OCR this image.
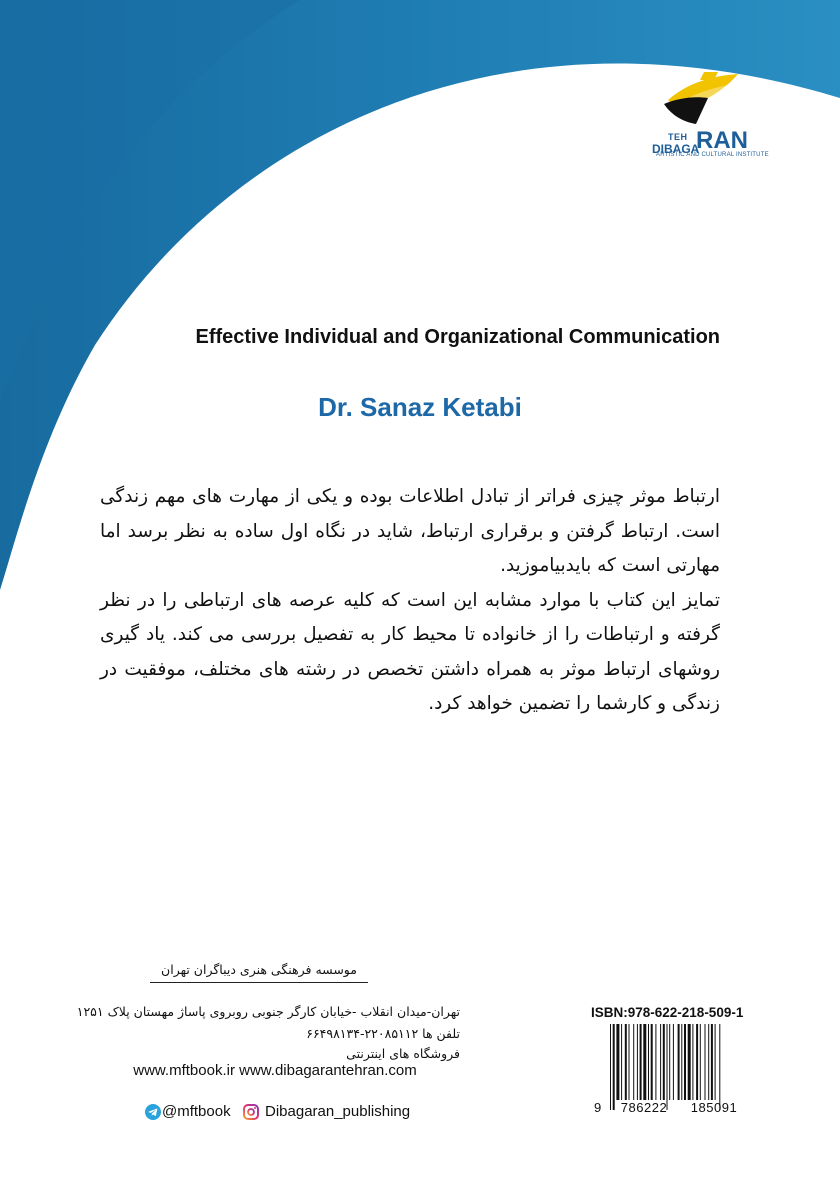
TEH
DIBAGA
RAN
ARTISTIC AND CULTURAL INSTITUTE
Effective Individual and Organizational Communication
Dr. Sanaz Ketabi

ارتباط موثر چیزی فراتر از تبادل اطلاعات بوده و یکی از مهارت های مهم زندگی است. ارتباط گرفتن و برقراری ارتباط، شاید در نگاه اول ساده به نظر برسد اما مهارتی است که بایدبیاموزید.

تمایز این کتاب با موارد مشابه این است که کلیه عرصه های ارتباطی را در نظر گرفته و ارتباطات را از خانواده تا محیط کار به تفصیل بررسی می کند. یاد گیری روشهای ارتباط موثر به همراه داشتن تخصص در رشته های مختلف، موفقیت در زندگی و کارشما را تضمین خواهد کرد.

موسسه فرهنگی هنری دیباگران تهران
تهران-میدان انقلاب -خیابان کارگر جنوبی روبروی پاساژ مهستان پلاک ۱۲۵۱
تلفن ها ۲۲۰۸۵۱۱۲-۶۶۴۹۸۱۳۴
فروشگاه های اینترنتی
www.mftbook.ir www.dibagarantehran.com
@mftbook Dibagaran_publishing
ISBN:978-622-218-509-1
9	786222	185091
